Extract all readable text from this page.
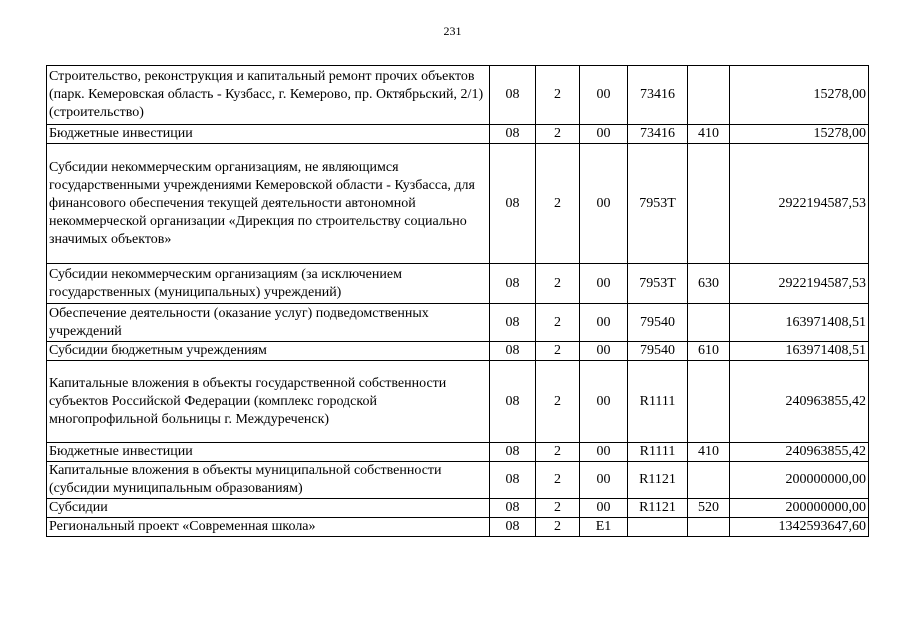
231
Строительство, реконструкция и капитальный ремонт прочих объектов (парк. Кемеровская область - Кузбасс, г. Кемерово, пр. Октябрьский, 2/1) (строительство)	08	2	00	73416		15278,00
Бюджетные инвестиции	08	2	00	73416	410	15278,00
Субсидии некоммерческим организациям, не являющимся государственными учреждениями Кемеровской области - Кузбасса, для финансового обеспечения текущей деятельности автономной некоммерческой организации «Дирекция по строительству социально значимых объектов»	08	2	00	7953Т		2922194587,53
Субсидии некоммерческим организациям (за исключением государственных (муниципальных) учреждений)	08	2	00	7953Т	630	2922194587,53
Обеспечение деятельности (оказание услуг) подведомственных учреждений	08	2	00	79540		163971408,51
Субсидии бюджетным учреждениям	08	2	00	79540	610	163971408,51
Капитальные вложения в объекты государственной собственности субъектов Российской Федерации (комплекс городской многопрофильной больницы г. Междуреченск)	08	2	00	R1111		240963855,42
Бюджетные инвестиции	08	2	00	R1111	410	240963855,42
Капитальные вложения в объекты муниципальной собственности (субсидии муниципальным образованиям)	08	2	00	R1121		200000000,00
Субсидии	08	2	00	R1121	520	200000000,00
Региональный проект «Современная школа»	08	2	E1			1342593647,60
